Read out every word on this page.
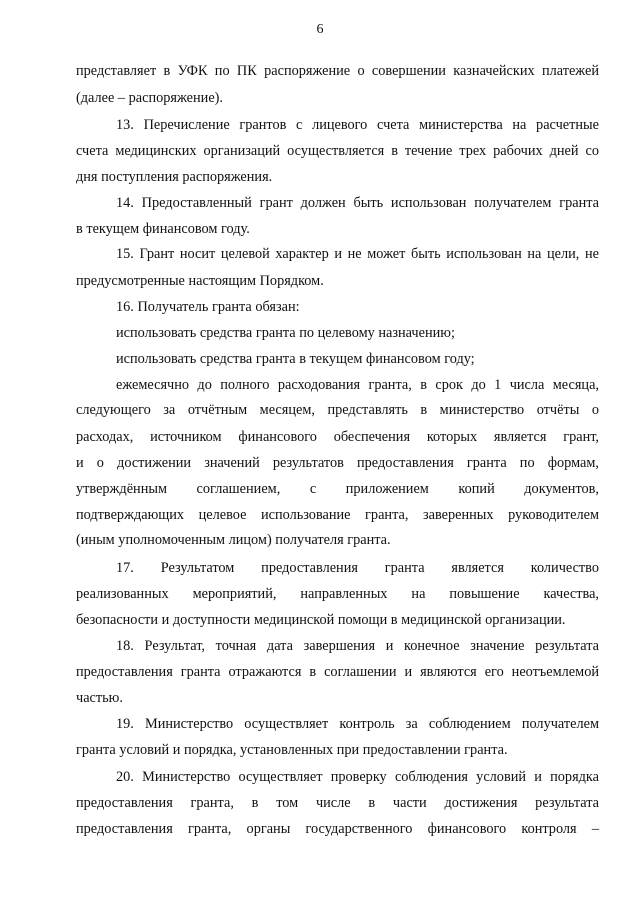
6
представляет в УФК по ПК распоряжение о совершении казначейских платежей
(далее – распоряжение).
13. Перечисление грантов с лицевого счета министерства на расчетные
счета медицинских организаций осуществляется в течение трех рабочих дней со
дня поступления распоряжения.
14. Предоставленный грант должен быть использован получателем гранта
в текущем финансовом году.
15. Грант носит целевой характер и не может быть использован на цели, не
предусмотренные настоящим Порядком.
16. Получатель гранта обязан:
использовать средства гранта по целевому назначению;
использовать средства гранта в текущем финансовом году;
ежемесячно до полного расходования гранта, в срок до 1 числа месяца,
следующего за отчётным месяцем, представлять в министерство отчёты о
расходах, источником финансового обеспечения которых является грант,
и о достижении значений результатов предоставления гранта по формам,
утверждённым соглашением, с приложением копий документов,
подтверждающих целевое использование гранта, заверенных руководителем
(иным уполномоченным лицом) получателя гранта.
17. Результатом предоставления гранта является количество
реализованных мероприятий, направленных на повышение качества,
безопасности и доступности медицинской помощи в медицинской организации.
18. Результат, точная дата завершения и конечное значение результата
предоставления гранта отражаются в соглашении и являются его неотъемлемой
частью.
19. Министерство осуществляет контроль за соблюдением получателем
гранта условий и порядка, установленных при предоставлении гранта.
20. Министерство осуществляет проверку соблюдения условий и порядка
предоставления гранта, в том числе в части достижения результата
предоставления гранта, органы государственного финансового контроля –
